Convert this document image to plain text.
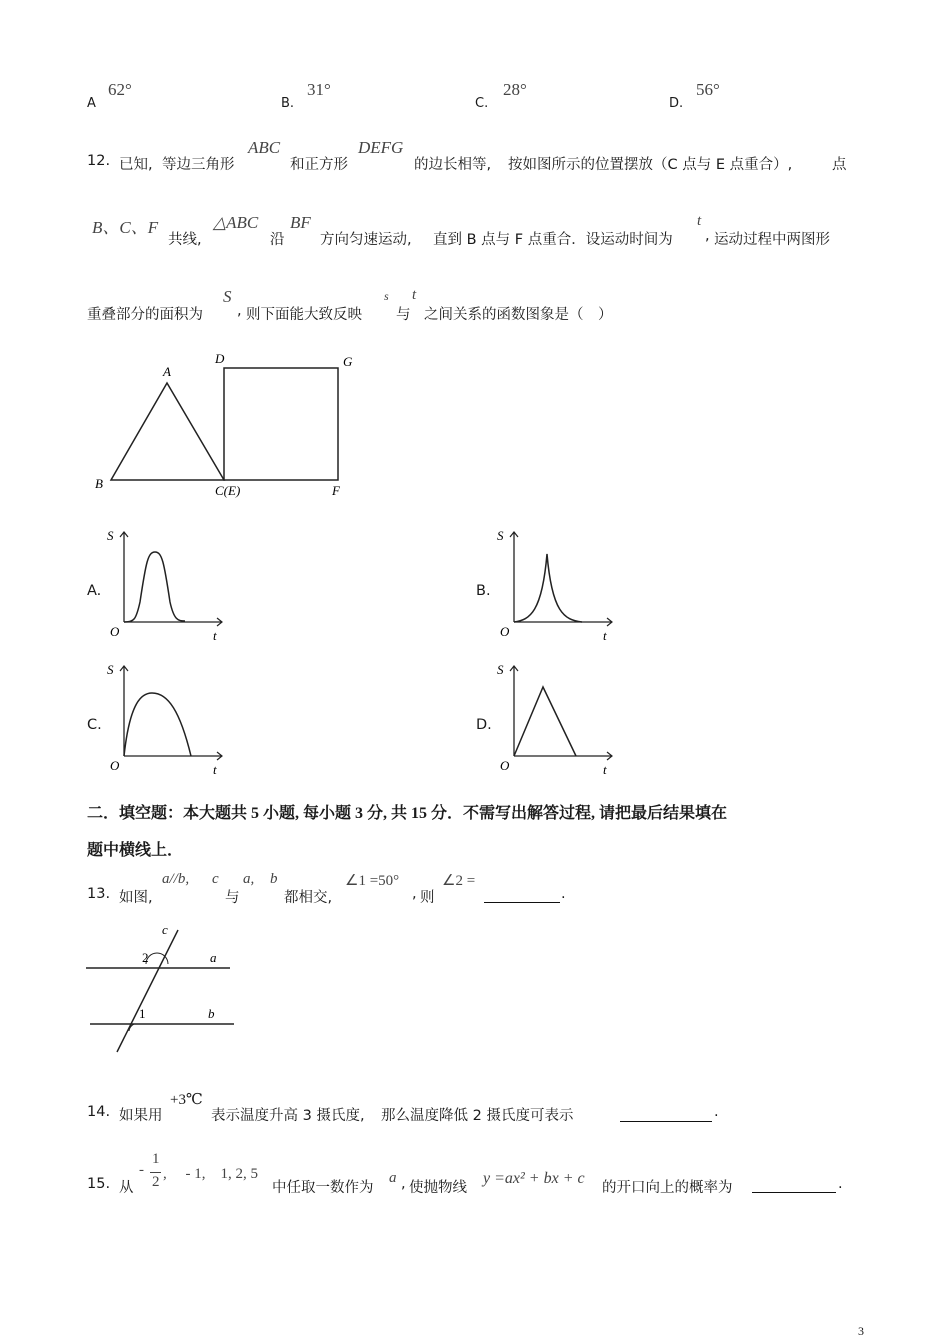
A
62°
B.
31°
C.
28°
D.
56°
12. 已知, 等边三角形
ABC
和正方形
DEFG
的边长相等, 按如图所示的位置摆放（C 点与 E 点重合）,	点
B、C、F
共线,
△ABC
沿
BF
方向匀速运动, 直到 B 点与 F 点重合．设运动时间为
t
, 运动过程中两图形
重叠部分的面积为
S
, 则下面能大致反映
s
与
t
之间关系的函数图象是（　）
A
D	G
B	C(E)	F
A.
S
t
O
B.
S
t
O
C.
S
t
O
D.
S
t
O
二．填空题：本大题共 5 小题, 每小题 3 分, 共 15 分．不需写出解答过程, 请把最后结果填在
题中横线上．
13. 如图,
a//b, c
与
a, b
都相交,
∠1 =50°
, 则
∠2 =
.
c
a
b
2
1
14. 如果用
+3℃
表示温度升高 3 摄氏度, 那么温度降低 2 摄氏度可表示	.
15. 从
-
1
2 ,　 - 1,　1, 2, 5
中任取一数作为
a , 使抛物线
y =ax² + bx + c
的开口向上的概率为	.
3
